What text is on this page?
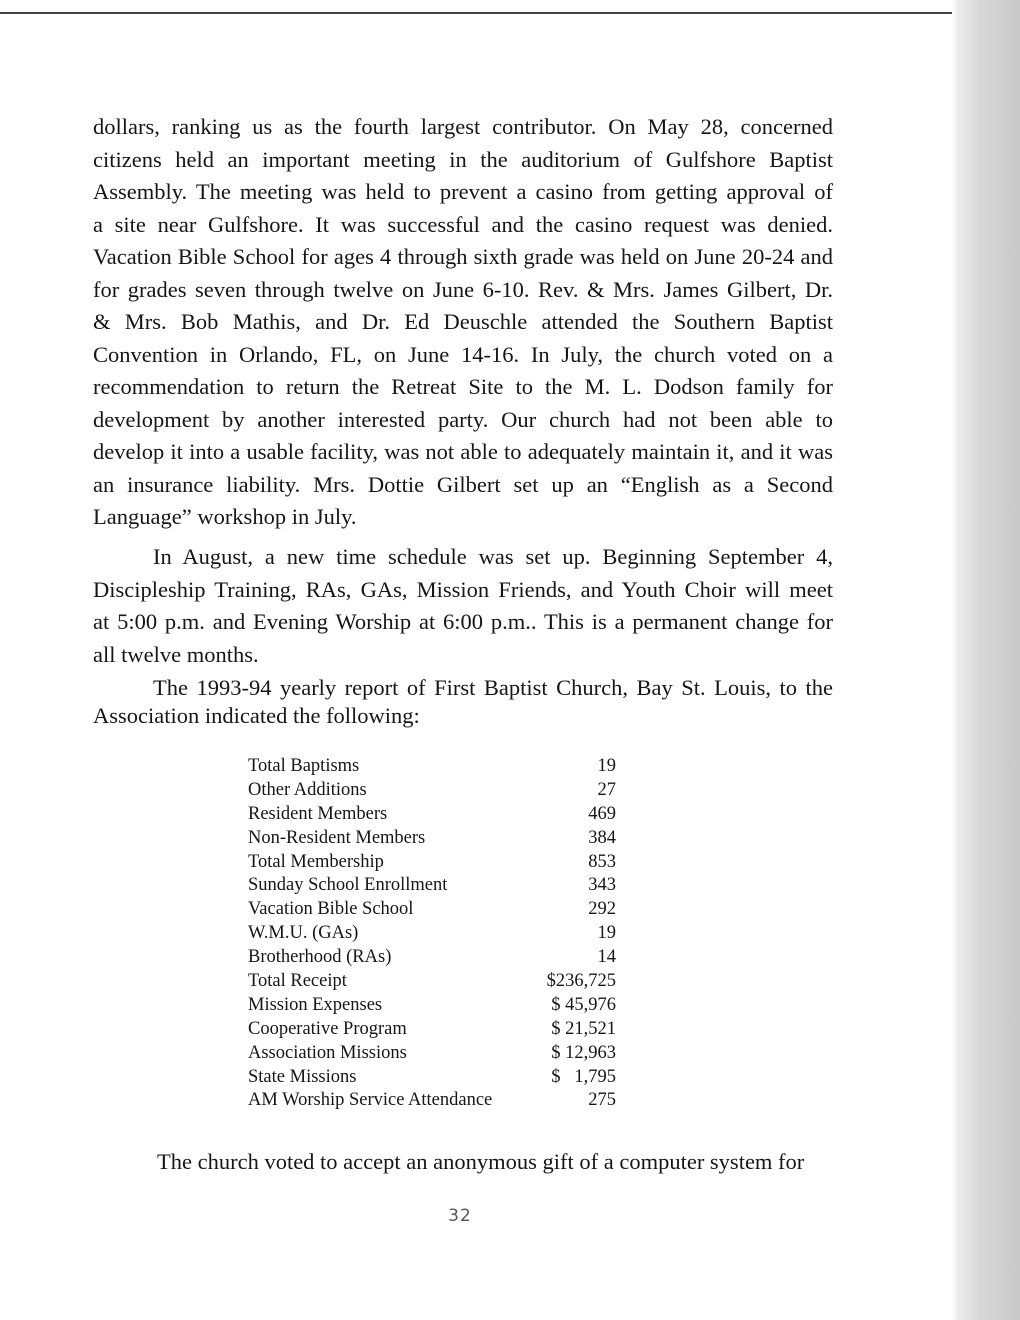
dollars, ranking us as the fourth largest contributor. On May 28, concerned
citizens held an important meeting in the auditorium of Gulfshore Baptist
Assembly. The meeting was held to prevent a casino from getting approval of
a site near Gulfshore. It was successful and the casino request was denied.
Vacation Bible School for ages 4 through sixth grade was held on June 20-24 and
for grades seven through twelve on June 6-10. Rev. & Mrs. James Gilbert, Dr.
& Mrs. Bob Mathis, and Dr. Ed Deuschle attended the Southern Baptist
Convention in Orlando, FL, on June 14-16. In July, the church voted on a
recommendation to return the Retreat Site to the M. L. Dodson family for
development by another interested party. Our church had not been able to
develop it into a usable facility, was not able to adequately maintain it, and it was
an insurance liability. Mrs. Dottie Gilbert set up an “English as a Second
Language” workshop in July.
In August, a new time schedule was set up. Beginning September 4,
Discipleship Training, RAs, GAs, Mission Friends, and Youth Choir will meet
at 5:00 p.m. and Evening Worship at 6:00 p.m.. This is a permanent change for
all twelve months.
The 1993-94 yearly report of First Baptist Church, Bay St. Louis, to the
Association indicated the following:
Total Baptisms	19
Other Additions	27
Resident Members	469
Non-Resident Members	384
Total Membership	853
Sunday School Enrollment	343
Vacation Bible School	292
W.M.U. (GAs)	19
Brotherhood (RAs)	14
Total Receipt	$236,725
Mission Expenses	$ 45,976
Cooperative Program	$ 21,521
Association Missions	$ 12,963
State Missions	$   1,795
AM Worship Service Attendance	275
The church voted to accept an anonymous gift of a computer system for
32
